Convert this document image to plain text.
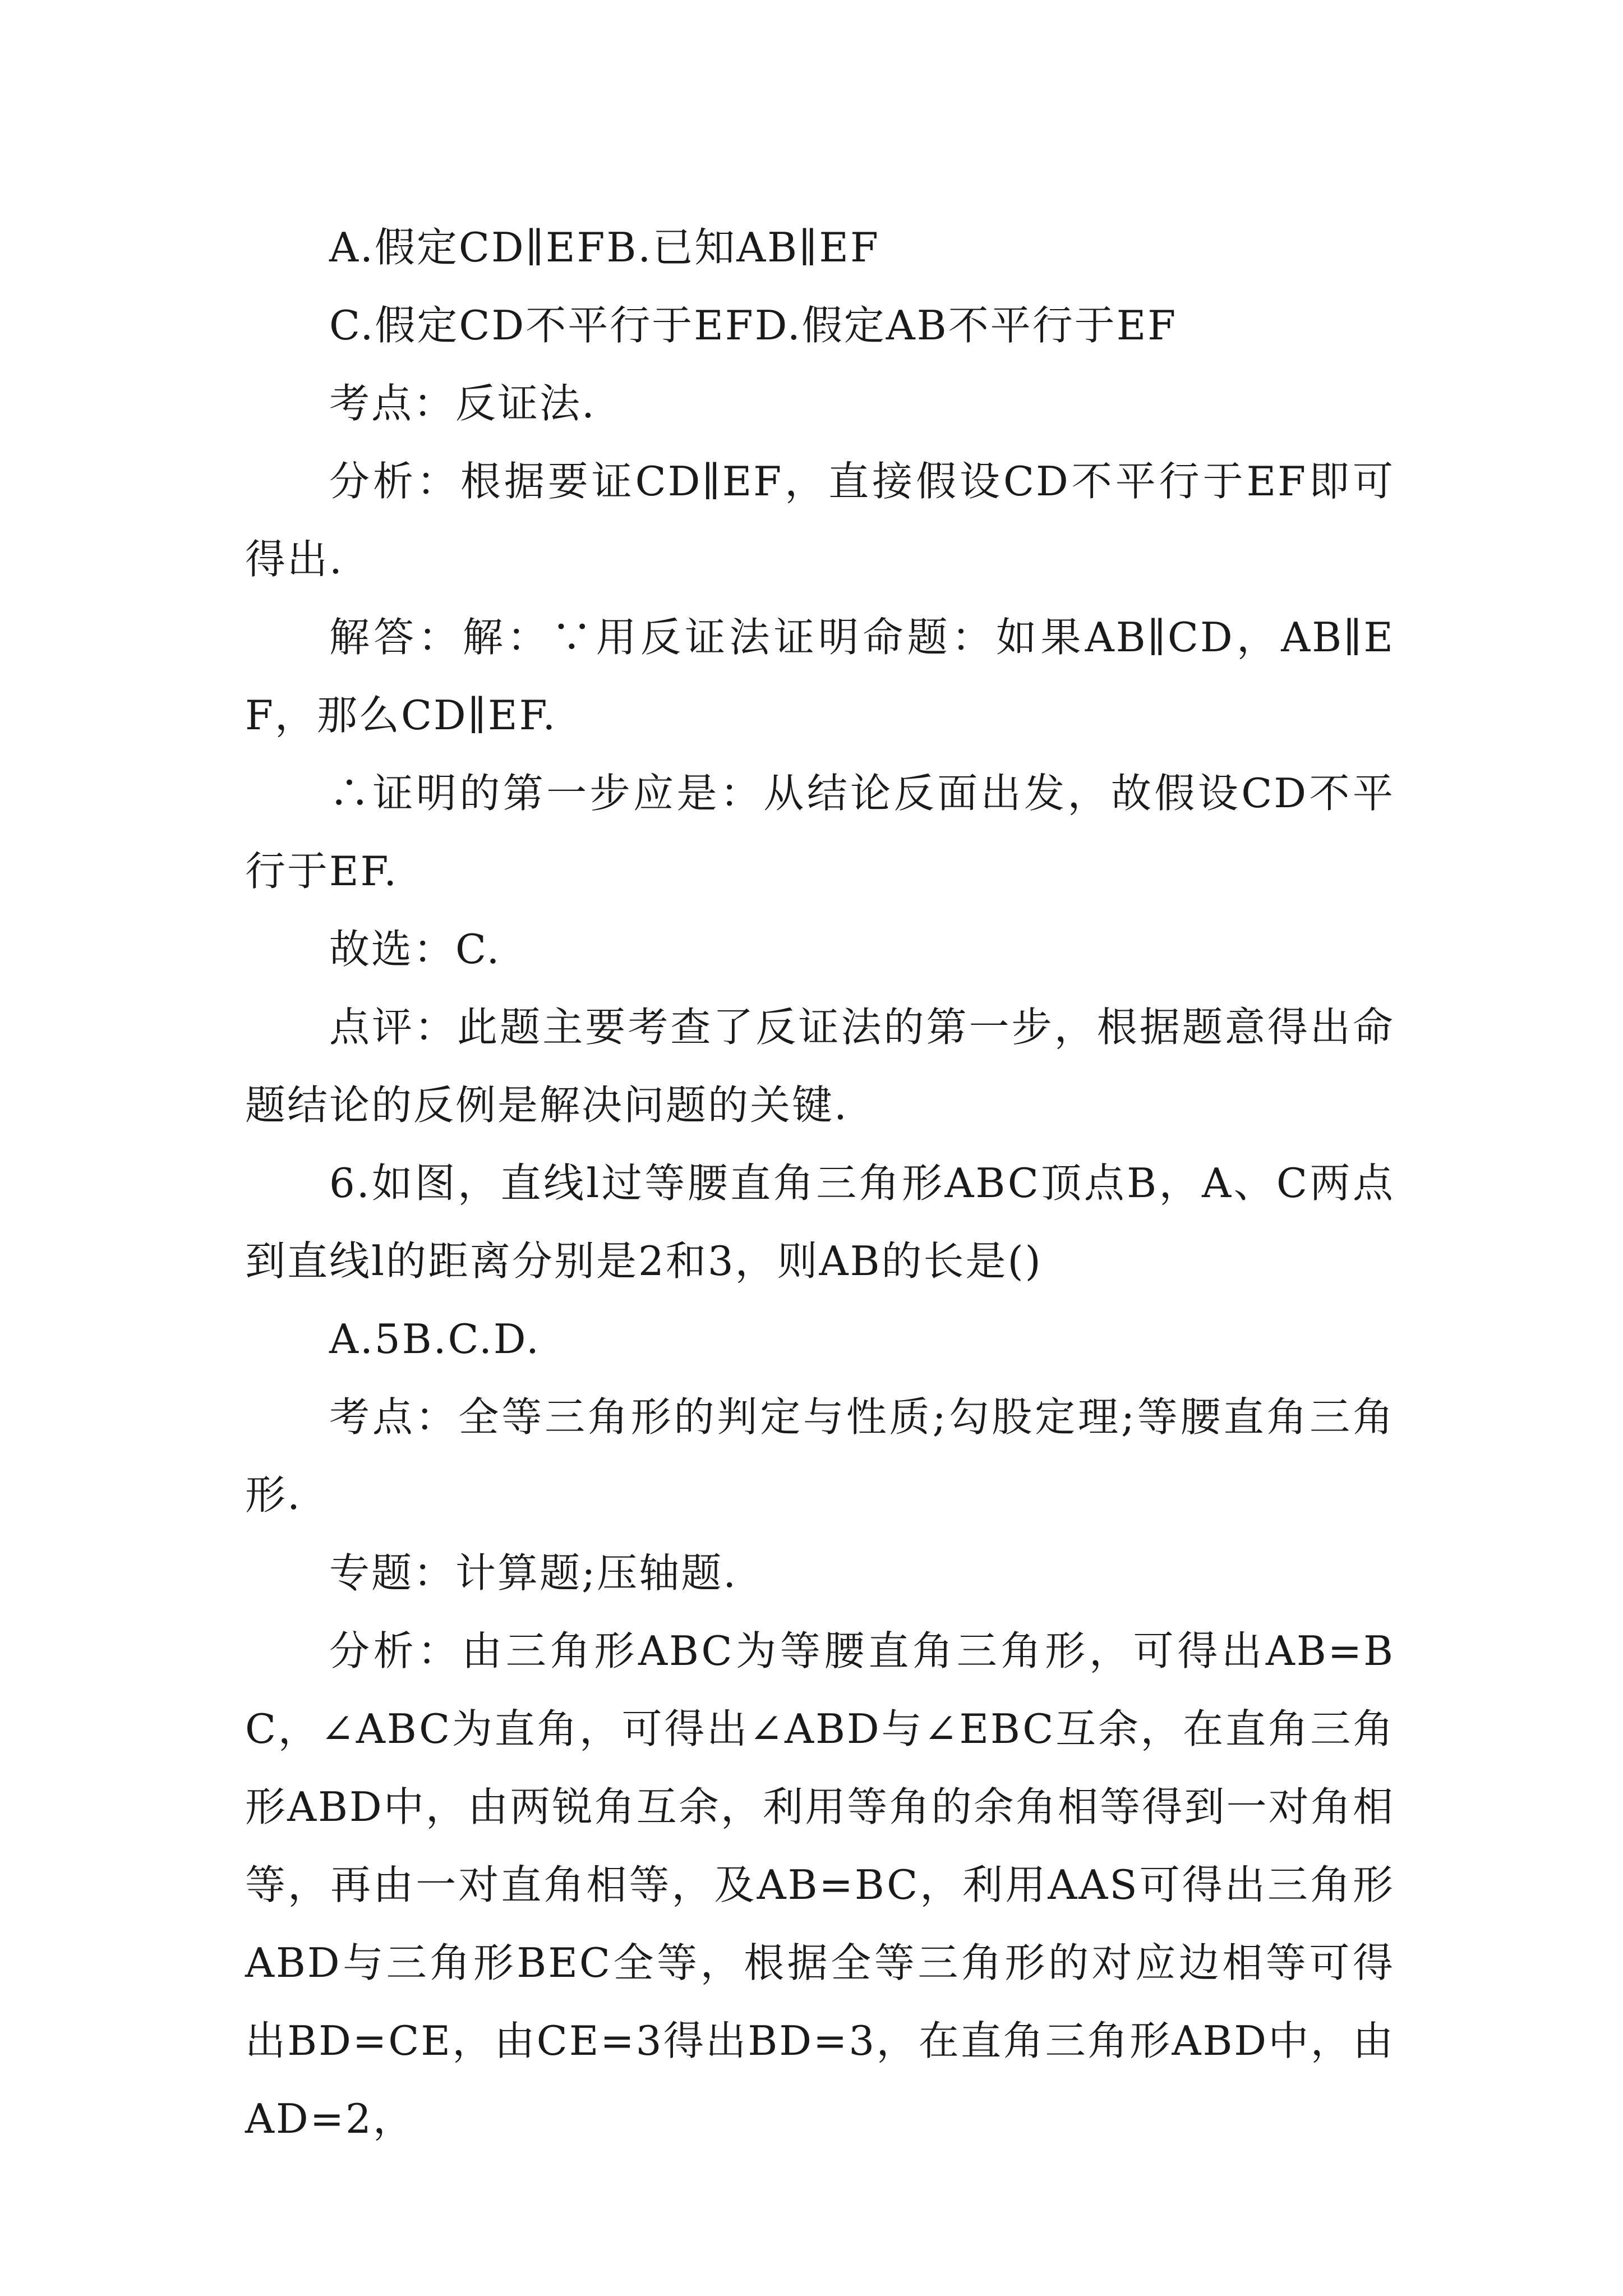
A.假定CD∥EFB.已知AB∥EF

C.假定CD不平行于EFD.假定AB不平行于EF

考点：反证法.

分析：根据要证CD∥EF，直接假设CD不平行于EF即可得出.

解答：解：∵用反证法证明命题：如果AB∥CD，AB∥EF，那么CD∥EF.

∴证明的第一步应是：从结论反面出发，故假设CD不平行于EF.

故选：C.

点评：此题主要考查了反证法的第一步，根据题意得出命题结论的反例是解决问题的关键.

6.如图，直线l过等腰直角三角形ABC顶点B，A、C两点到直线l的距离分别是2和3，则AB的长是()

A.5B.C.D.

考点：全等三角形的判定与性质;勾股定理;等腰直角三角形.

专题：计算题;压轴题.

分析：由三角形ABC为等腰直角三角形，可得出AB=BC，∠ABC为直角，可得出∠ABD与∠EBC互余，在直角三角形ABD中，由两锐角互余，利用等角的余角相等得到一对角相等，再由一对直角相等，及AB=BC，利用AAS可得出三角形ABD与三角形BEC全等，根据全等三角形的对应边相等可得出BD=CE，由CE=3得出BD=3，在直角三角形ABD中，由AD=2，
